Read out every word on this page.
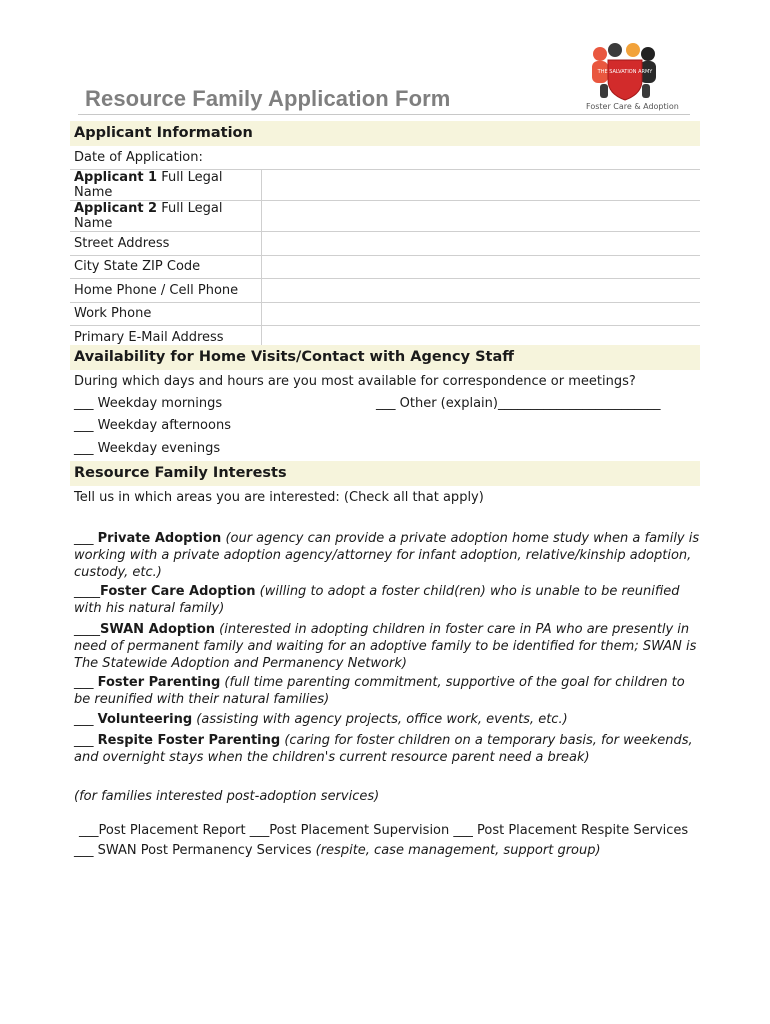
Resource Family Application Form
THE SALVATION ARMY
Foster Care & Adoption
Applicant Information
Date of Application:
Applicant 1 Full Legal Name	
Applicant 2 Full Legal Name	
Street Address	
City State ZIP Code	
Home Phone / Cell Phone	
Work Phone	
Primary E-Mail Address	
Availability for Home Visits/Contact with Agency Staff
During which days and hours are you most available for correspondence or meetings?
___ Weekday mornings	___ Other (explain)_________________________
___ Weekday afternoons
___ Weekday evenings
Resource Family Interests
Tell us in which areas you are interested: (Check all that apply)
___ Private Adoption (our agency can provide a private adoption home study when a family is working with a private adoption agency/attorney for infant adoption, relative/kinship adoption, custody, etc.)
____Foster Care Adoption (willing to adopt a foster child(ren) who is unable to be reunified with his natural family)
____SWAN Adoption (interested in adopting children in foster care in PA who are presently in need of permanent family and waiting for an adoptive family to be identified for them; SWAN is The Statewide Adoption and Permanency Network)
___ Foster Parenting (full time parenting commitment, supportive of the goal for children to be reunified with their natural families)
___ Volunteering (assisting with agency projects, office work, events, etc.)
___ Respite Foster Parenting (caring for foster children on a temporary basis, for weekends, and overnight stays when the children's current resource parent need a break)
(for families interested post-adoption services)
___Post Placement Report ___Post Placement Supervision ___ Post Placement Respite Services
___ SWAN Post Permanency Services (respite, case management, support group)
